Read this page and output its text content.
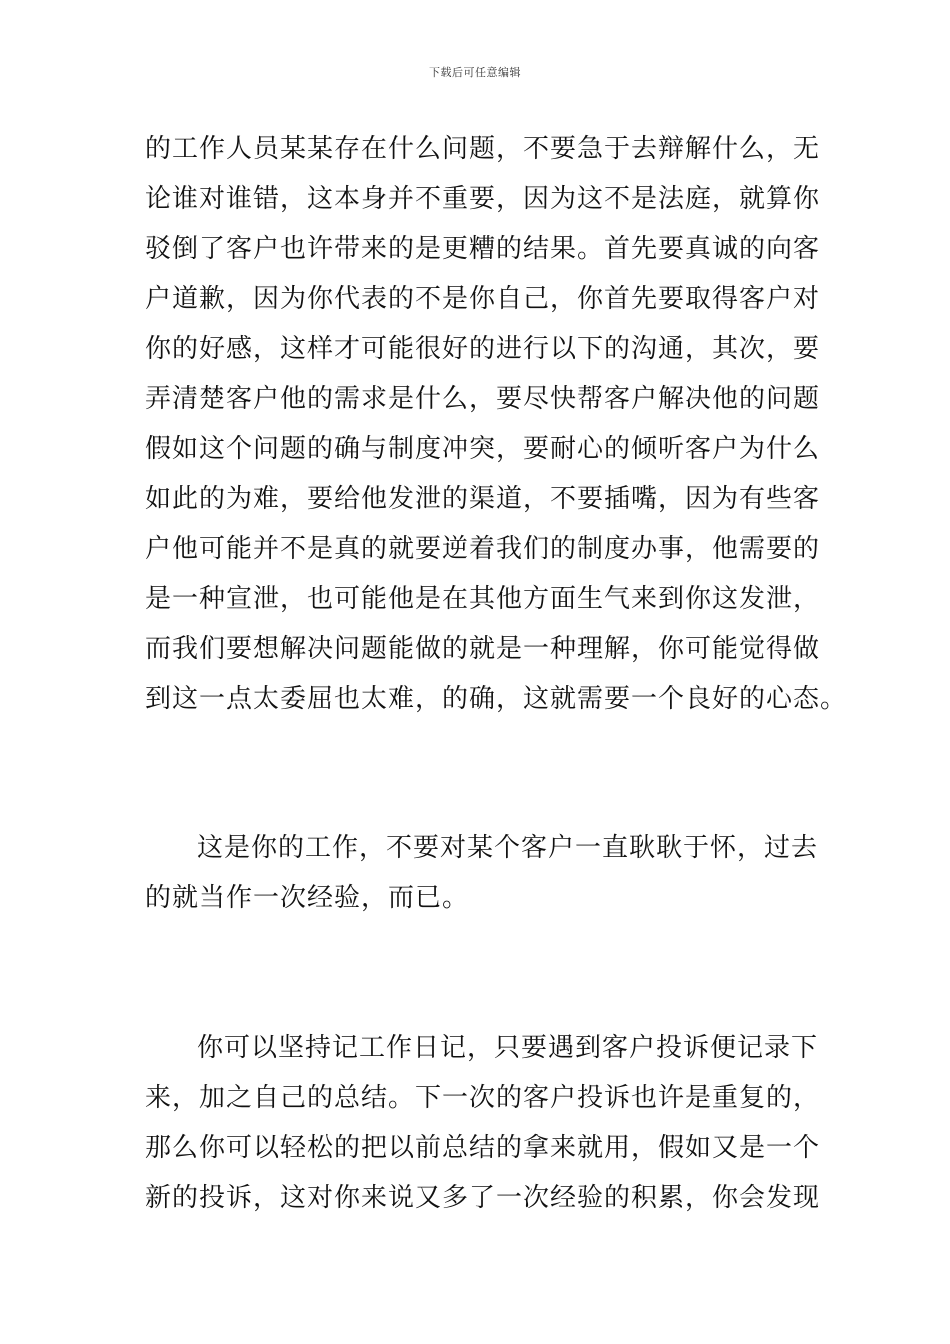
下载后可任意编辑
的工作人员某某存在什么问题，不要急于去辩解什么，无
论谁对谁错，这本身并不重要，因为这不是法庭，就算你
驳倒了客户也许带来的是更糟的结果。首先要真诚的向客
户道歉，因为你代表的不是你自己，你首先要取得客户对
你的好感，这样才可能很好的进行以下的沟通，其次，要
弄清楚客户他的需求是什么，要尽快帮客户解决他的问题
假如这个问题的确与制度冲突，要耐心的倾听客户为什么
如此的为难，要给他发泄的渠道，不要插嘴，因为有些客
户他可能并不是真的就要逆着我们的制度办事，他需要的
是一种宣泄，也可能他是在其他方面生气来到你这发泄，
而我们要想解决问题能做的就是一种理解，你可能觉得做
到这一点太委屈也太难，的确，这就需要一个良好的心态。
这是你的工作，不要对某个客户一直耿耿于怀，过去
的就当作一次经验，而已。
你可以坚持记工作日记，只要遇到客户投诉便记录下
来，加之自己的总结。下一次的客户投诉也许是重复的，
那么你可以轻松的把以前总结的拿来就用，假如又是一个
新的投诉，这对你来说又多了一次经验的积累，你会发现
